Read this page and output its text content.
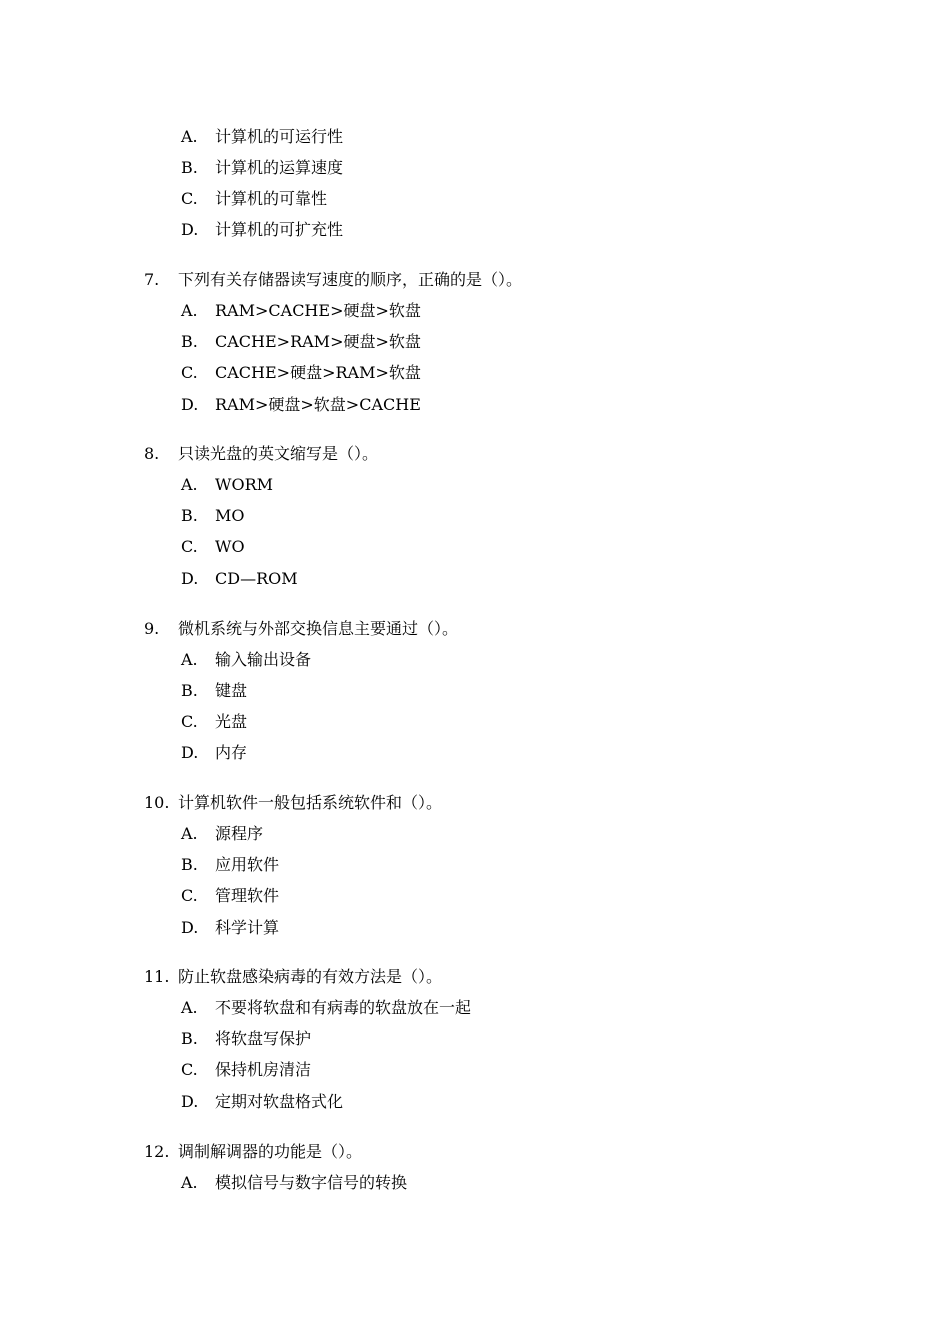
A. 计算机的可运行性
B. 计算机的运算速度
C. 计算机的可靠性
D. 计算机的可扩充性
7. 下列有关存储器读写速度的顺序，正确的是（）。
A. RAM>CACHE>硬盘>软盘
B. CACHE>RAM>硬盘>软盘
C. CACHE>硬盘>RAM>软盘
D. RAM>硬盘>软盘>CACHE
8. 只读光盘的英文缩写是（）。
A. WORM
B. MO
C. WO
D. CD—ROM
9. 微机系统与外部交换信息主要通过（）。
A. 输入输出设备
B. 键盘
C. 光盘
D. 内存
10. 计算机软件一般包括系统软件和（）。
A. 源程序
B. 应用软件
C. 管理软件
D. 科学计算
11. 防止软盘感染病毒的有效方法是（）。
A. 不要将软盘和有病毒的软盘放在一起
B. 将软盘写保护
C. 保持机房清洁
D. 定期对软盘格式化
12. 调制解调器的功能是（）。
A. 模拟信号与数字信号的转换
